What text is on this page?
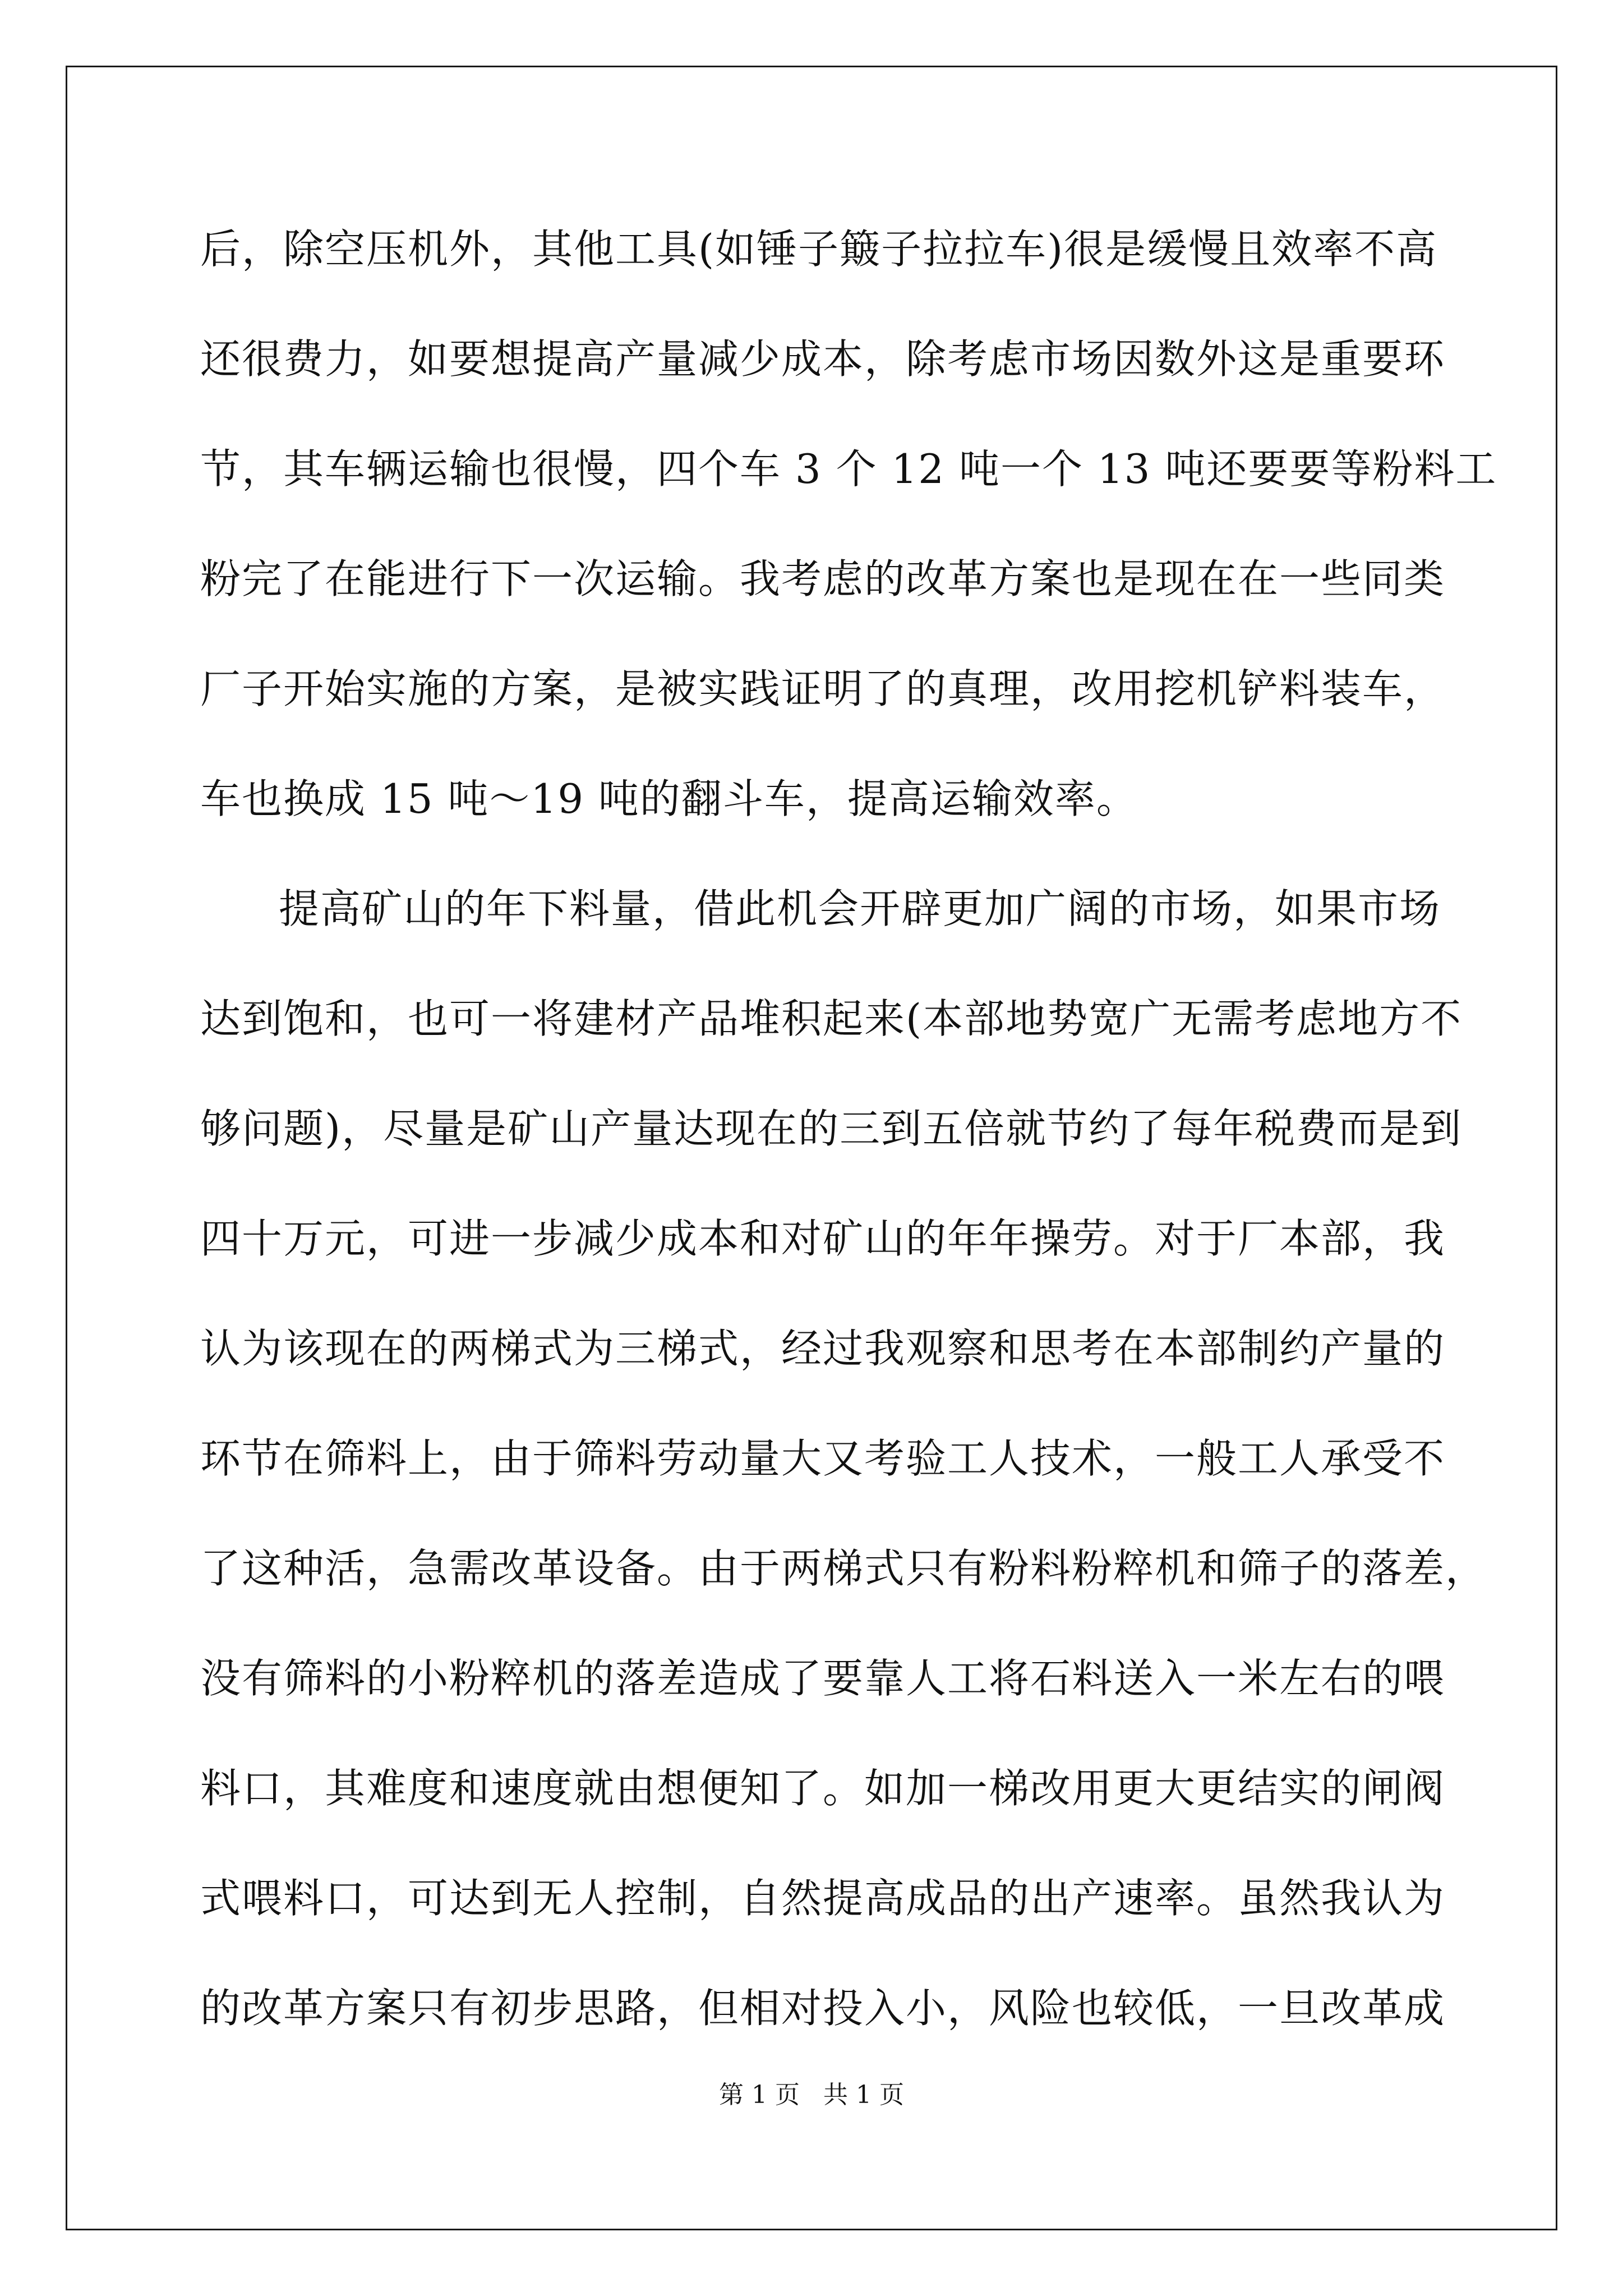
后，除空压机外，其他工具(如锤子簸子拉拉车)很是缓慢且效率不高
还很费力，如要想提高产量减少成本，除考虑市场因数外这是重要环
节，其车辆运输也很慢，四个车 3 个 12 吨一个 13 吨还要要等粉料工
粉完了在能进行下一次运输。我考虑的改革方案也是现在在一些同类
厂子开始实施的方案，是被实践证明了的真理，改用挖机铲料装车，
车也换成 15 吨～19 吨的翻斗车，提高运输效率。
提高矿山的年下料量，借此机会开辟更加广阔的市场，如果市场
达到饱和，也可一将建材产品堆积起来(本部地势宽广无需考虑地方不
够问题)，尽量是矿山产量达现在的三到五倍就节约了每年税费而是到
四十万元，可进一步减少成本和对矿山的年年操劳。对于厂本部，我
认为该现在的两梯式为三梯式，经过我观察和思考在本部制约产量的
环节在筛料上，由于筛料劳动量大又考验工人技术，一般工人承受不
了这种活，急需改革设备。由于两梯式只有粉料粉粹机和筛子的落差，
没有筛料的小粉粹机的落差造成了要靠人工将石料送入一米左右的喂
料口，其难度和速度就由想便知了。如加一梯改用更大更结实的闸阀
式喂料口，可达到无人控制，自然提高成品的出产速率。虽然我认为
的改革方案只有初步思路，但相对投入小，风险也较低，一旦改革成
第 1 页   共 1 页
